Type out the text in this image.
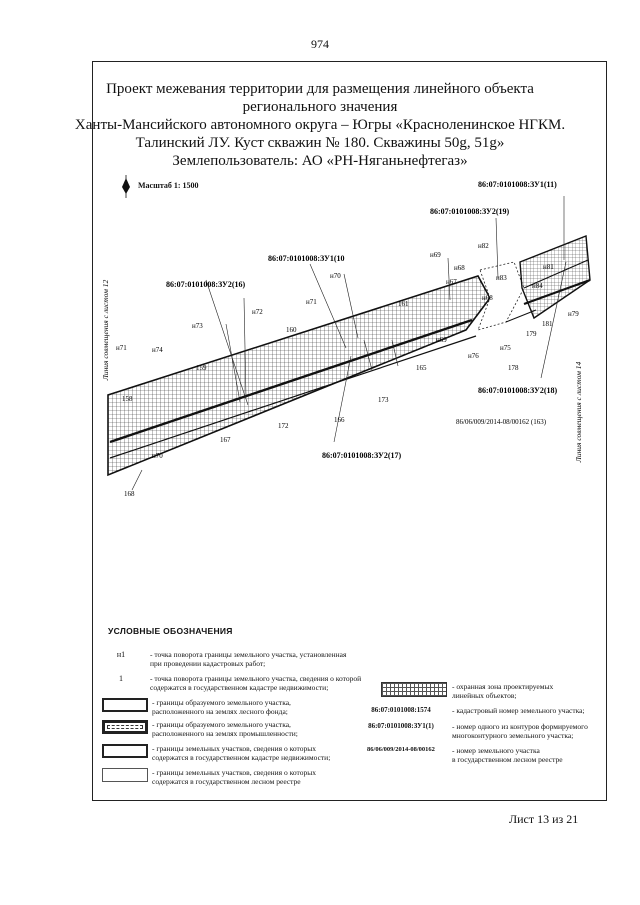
974
Проект межевания территории для размещения линейного объекта
регионального значения
Ханты-Мансийского автономного округа – Югры «Красноленинское НГКМ.
Талинский ЛУ. Куст скважин № 180. Скважины 50g, 51g»
Землепользователь: АО «РН-Няганьнефтегаз»
Масштаб 1: 1500
Линия совмещения с листом 12
Линия совмещения с листом 14
86:07:0101008:ЗУ1(11)
86:07:0101008:ЗУ2(19)
86:07:0101008:ЗУ1(10
86:07:0101008:ЗУ2(16)
86:07:0101008:ЗУ2(18)
86:07:0101008:ЗУ2(17)
86/06/009/2014-08/00162 (163)
н82
н83
н84
н81
н69
н68
н67
н70
н68
н71
н72
н73
н71	н74	н75
н76
н79
н69
н70
181
179
178
161
160
159
158
165
173
166
172
167
168
УСЛОВНЫЕ ОБОЗНАЧЕНИЯ
н1	- точка поворота границы земельного участка, установленная
при проведении кадастровых работ;
1	- точка поворота границы земельного участка, сведения о которой
содержатся в государственном кадастре недвижимости;
- границы образуемого земельного участка,
расположенного на землях лесного фонда;
- границы образуемого земельного участка,
расположенного на землях промышленности;
- границы земельных участков, сведения о которых
содержатся в государственном кадастре недвижимости;
- границы земельных участков, сведения о которых
содержатся в государственном лесном реестре
- охранная зона проектируемых
линейных объектов;
86:07:0101008:1574	- кадастровый номер земельного участка;
86:07:0101008:ЗУ1(1)	- номер одного из контуров формируемого
многоконтурного земельного участка;
86/06/009/2014-08/00162	- номер земельного участка
в государственном лесном реестре
Лист 13 из 21
